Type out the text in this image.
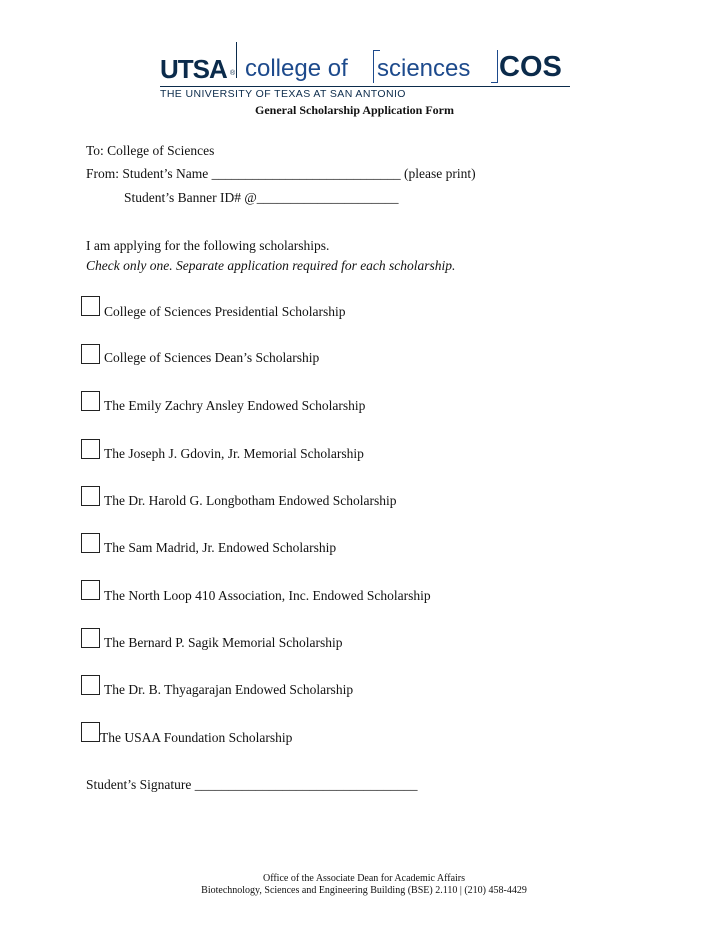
UTSA ® college of sciences COS
THE UNIVERSITY OF TEXAS AT SAN ANTONIO
General Scholarship Application Form
To: College of Sciences
From: Student’s Name ____________________________ (please print)
Student’s Banner ID# @_____________________
I am applying for the following scholarships.
Check only one. Separate application required for each scholarship.
College of Sciences Presidential Scholarship
College of Sciences Dean’s Scholarship
The Emily Zachry Ansley Endowed Scholarship
The Joseph J. Gdovin, Jr. Memorial Scholarship
The Dr. Harold G. Longbotham Endowed Scholarship
The Sam Madrid, Jr. Endowed Scholarship
The North Loop 410 Association, Inc. Endowed Scholarship
The Bernard P. Sagik Memorial Scholarship
The Dr. B. Thyagarajan Endowed Scholarship
The USAA Foundation Scholarship
Student’s Signature _________________________________
Office of the Associate Dean for Academic Affairs
Biotechnology, Sciences and Engineering Building (BSE) 2.110 | (210) 458-4429
